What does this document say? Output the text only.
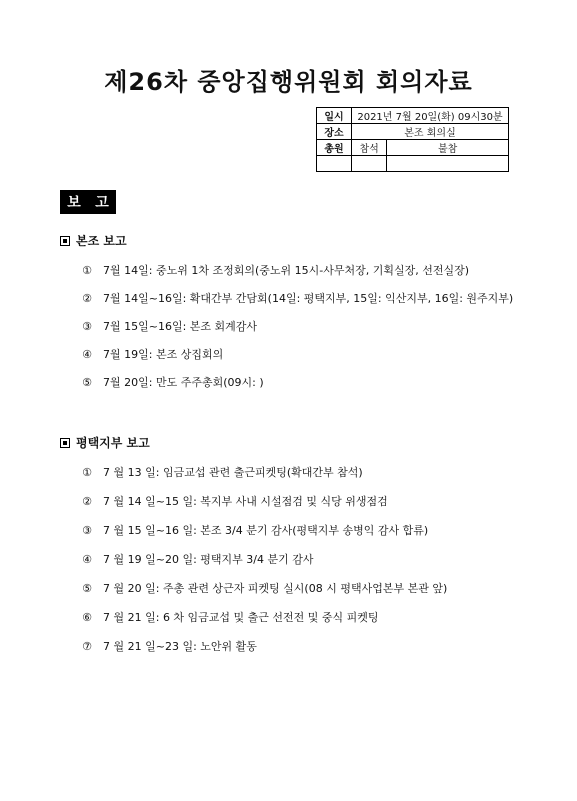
제26차 중앙집행위원회 회의자료
일시	2021년 7월 20일(화) 09시30분	
장소	본조 회의실	
총원	참석	불참

보 고
본조 보고
① 7월 14일: 중노위 1차 조정회의(중노위 15시-사무처장, 기획실장, 선전실장)
② 7월 14일~16일: 확대간부 간담회(14일: 평택지부, 15일: 익산지부, 16일: 원주지부)
③ 7월 15일~16일: 본조 회계감사
④ 7월 19일: 본조 상집회의
⑤ 7월 20일: 만도 주주총회(09시: )
평택지부 보고
① 7 월 13 일: 임금교섭 관련 출근피켓팅(확대간부 참석)
② 7 월 14 일~15 일: 복지부 사내 시설점검 및 식당 위생점검
③ 7 월 15 일~16 일: 본조 3/4 분기 감사(평택지부 송병익 감사 합류)
④ 7 월 19 일~20 일: 평택지부 3/4 분기 감사
⑤ 7 월 20 일: 주총 관련 상근자 피켓팅 실시(08 시 평택사업본부 본관 앞)
⑥ 7 월 21 일: 6 차 임금교섭 및 출근 선전전 및 중식 피켓팅
⑦ 7 월 21 일~23 일: 노안위 활동
